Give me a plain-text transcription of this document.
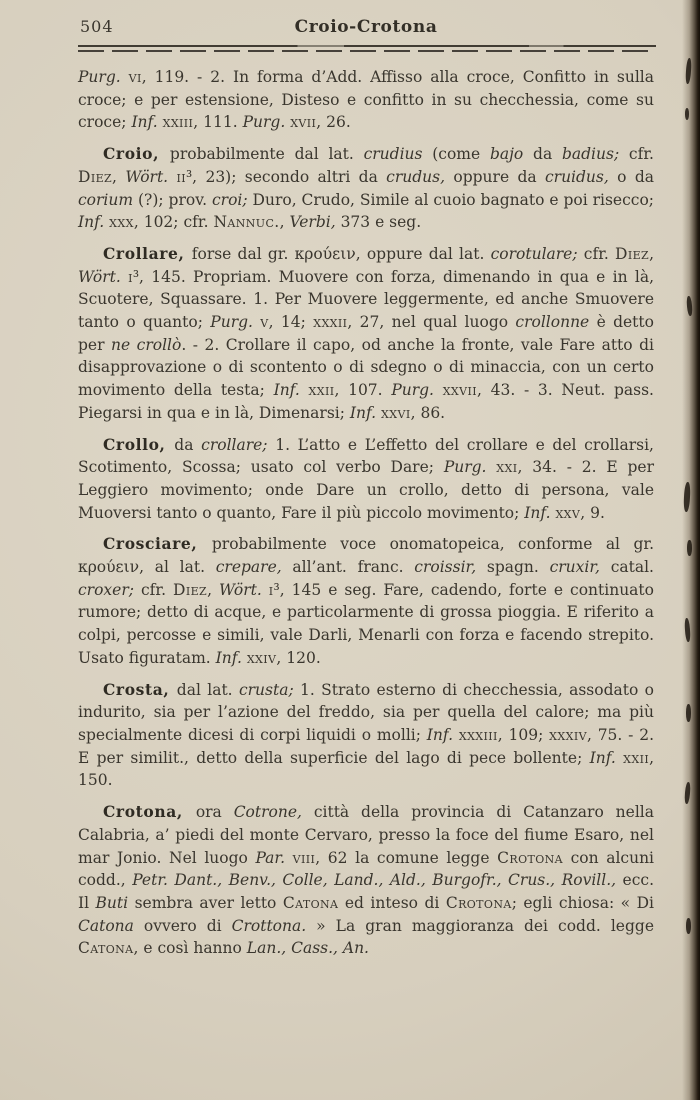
504	Croio-Crotona

Purg. vi, 119. - 2. In forma d’Add. Affisso alla croce, Confitto in sulla croce; e per estensione, Disteso e confitto in su checchessia, come su croce; Inf. xxiii, 111. Purg. xvii, 26.

Croio, probabilmente dal lat. crudius (come bajo da badius; cfr. Diez, Wört. ii³, 23); secondo altri da crudus, oppure da cruidus, o da corium (?); prov. croi; Duro, Crudo, Simile al cuoio bagnato e poi risecco; Inf. xxx, 102; cfr. Nannuc., Verbi, 373 e seg.

Crollare, forse dal gr. κρούειν, oppure dal lat. corotulare; cfr. Diez, Wört. i³, 145. Propriam. Muovere con forza, dimenando in qua e in là, Scuotere, Squassare. 1. Per Muovere leggermente, ed anche Smuovere tanto o quanto; Purg. v, 14; xxxii, 27, nel qual luogo crollonne è detto per ne crollò. - 2. Crollare il capo, od anche la fronte, vale Fare atto di disapprovazione o di scontento o di sdegno o di minaccia, con un certo movimento della testa; Inf. xxii, 107. Purg. xxvii, 43. - 3. Neut. pass. Piegarsi in qua e in là, Dimenarsi; Inf. xxvi, 86.

Crollo, da crollare; 1. L’atto e L’effetto del crollare e del crollarsi, Scotimento, Scossa; usato col verbo Dare; Purg. xxi, 34. - 2. E per Leggiero movimento; onde Dare un crollo, detto di persona, vale Muoversi tanto o quanto, Fare il più piccolo movimento; Inf. xxv, 9.

Crosciare, probabilmente voce onomatopeica, conforme al gr. κρούειν, al lat. crepare, all’ant. franc. croissir, spagn. cruxir, catal. croxer; cfr. Diez, Wört. i³, 145 e seg. Fare, cadendo, forte e continuato rumore; detto di acque, e particolarmente di grossa pioggia. E riferito a colpi, percosse e simili, vale Darli, Menarli con forza e facendo strepito. Usato figuratam. Inf. xxiv, 120.

Crosta, dal lat. crusta; 1. Strato esterno di checchessia, assodato o indurito, sia per l’azione del freddo, sia per quella del calore; ma più specialmente dicesi di corpi liquidi o molli; Inf. xxxiii, 109; xxxiv, 75. - 2. E per similit., detto della superficie del lago di pece bollente; Inf. xxii, 150.

Crotona, ora Cotrone, città della provincia di Catanzaro nella Calabria, a’ piedi del monte Cervaro, presso la foce del fiume Esaro, nel mar Jonio. Nel luogo Par. viii, 62 la comune legge Crotona con alcuni codd., Petr. Dant., Benv., Colle, Land., Ald., Burgofr., Crus., Rovill., ecc. Il Buti sembra aver letto Catona ed inteso di Crotona; egli chiosa: « Di Catona ovvero di Crottona. » La gran maggioranza dei codd. legge Catona, e così hanno Lan., Cass., An.
